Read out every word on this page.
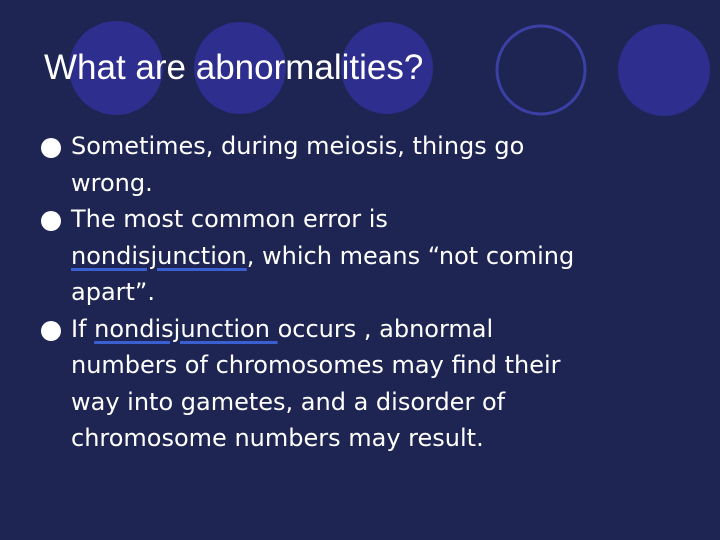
What are abnormalities?

Sometimes, during meiosis, things go
wrong.

The most common error is
nondisjunction, which means “not coming
apart”.

If nondisjunction occurs , abnormal
numbers of chromosomes may find their
way into gametes, and a disorder of
chromosome numbers may result.
